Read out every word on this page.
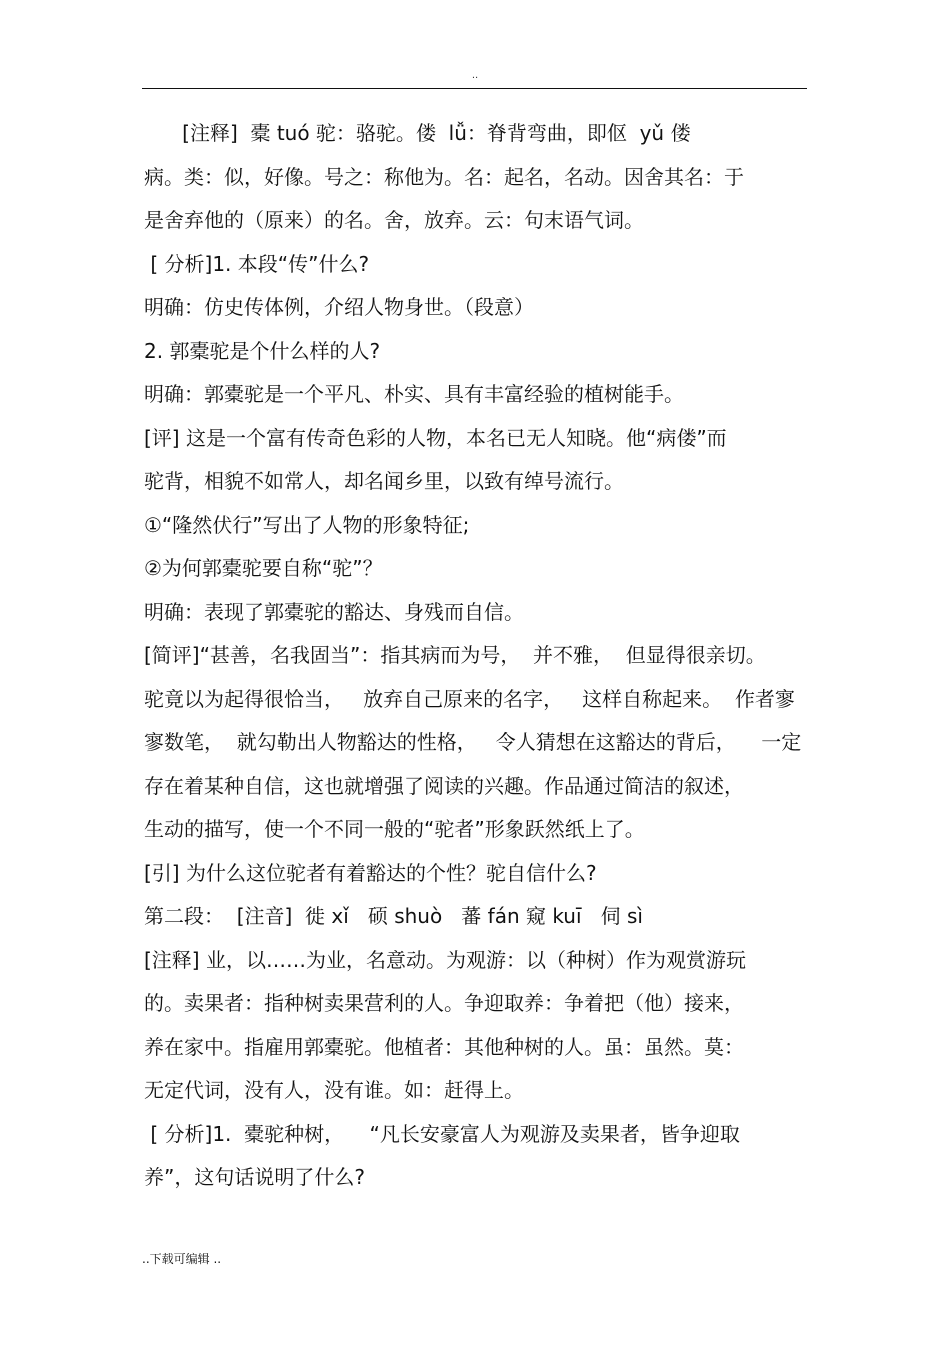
..
[注释]  橐 tuó 驼：骆驼。偻  lǚ：脊背弯曲，即伛  yǔ 偻
病。类：似，好像。号之：称他为。名：起名，名动。因舍其名：于
是舍弃他的（原来）的名。舍，放弃。云：句末语气词。
[ 分析]1. 本段“传”什么?
明确：仿史传体例，介绍人物身世。（段意）
2. 郭橐驼是个什么样的人?
明确：郭橐驼是一个平凡、朴实、具有丰富经验的植树能手。
[评] 这是一个富有传奇色彩的人物，本名已无人知晓。他“病偻”而
驼背，相貌不如常人，却名闻乡里，以致有绰号流行。
①“隆然伏行”写出了人物的形象特征;
②为何郭橐驼要自称“驼”？
明确：表现了郭橐驼的豁达、身残而自信。
[简评]“甚善，名我固当”：指其病而为号，  并不雅，  但显得很亲切。
驼竟以为起得很恰当，   放弃自己原来的名字，   这样自称起来。  作者寥
寥数笔，  就勾勒出人物豁达的性格，   令人猜想在这豁达的背后，    一定
存在着某种自信，这也就增强了阅读的兴趣。作品通过简洁的叙述，
生动的描写，使一个不同一般的“驼者”形象跃然纸上了。
[引] 为什么这位驼者有着豁达的个性？驼自信什么?
第二段：  [注音]  徙 xǐ   硕 shuò   蕃 fán 窥 kuī   伺 sì
[注释] 业，以……为业，名意动。为观游：以（种树）作为观赏游玩
的。卖果者：指种树卖果营利的人。争迎取养：争着把（他）接来，
养在家中。指雇用郭橐驼。他植者：其他种树的人。虽：虽然。莫：
无定代词，没有人，没有谁。如：赶得上。
[ 分析]1.  橐驼种树，    “凡长安豪富人为观游及卖果者，皆争迎取
养”，这句话说明了什么?
..下载可编辑 ..
